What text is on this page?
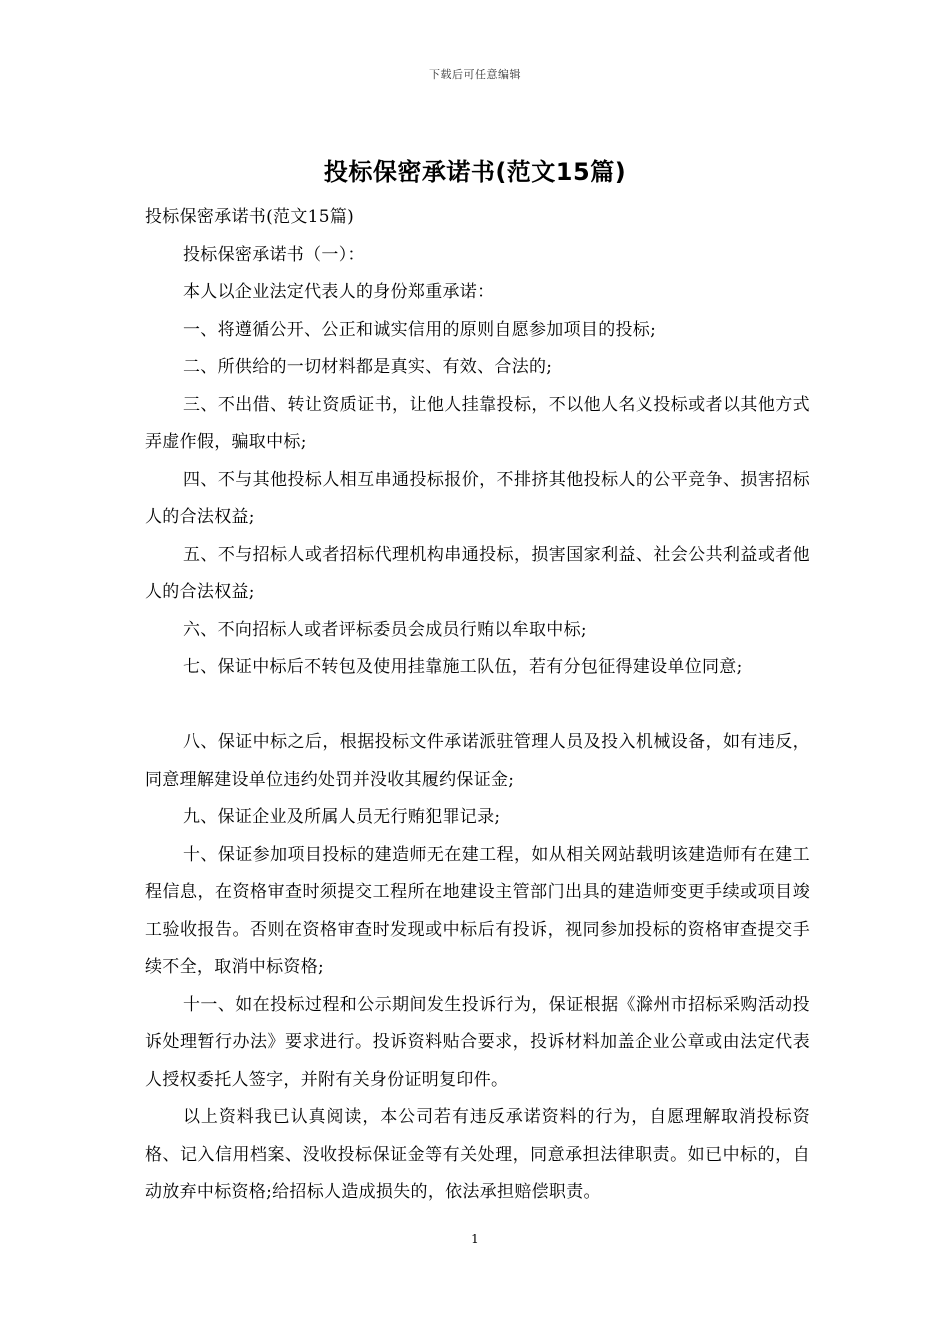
下载后可任意编辑
投标保密承诺书(范文15篇)

投标保密承诺书(范文15篇)

投标保密承诺书（一）：

本人以企业法定代表人的身份郑重承诺：

一、将遵循公开、公正和诚实信用的原则自愿参加项目的投标;

二、所供给的一切材料都是真实、有效、合法的;

三、不出借、转让资质证书，让他人挂靠投标，不以他人名义投标或者以其他方式弄虚作假，骗取中标;

四、不与其他投标人相互串通投标报价，不排挤其他投标人的公平竞争、损害招标人的合法权益;

五、不与招标人或者招标代理机构串通投标，损害国家利益、社会公共利益或者他人的合法权益;

六、不向招标人或者评标委员会成员行贿以牟取中标;

七、保证中标后不转包及使用挂靠施工队伍，若有分包征得建设单位同意;

八、保证中标之后，根据投标文件承诺派驻管理人员及投入机械设备，如有违反，同意理解建设单位违约处罚并没收其履约保证金;

九、保证企业及所属人员无行贿犯罪记录;

十、保证参加项目投标的建造师无在建工程，如从相关网站载明该建造师有在建工程信息，在资格审查时须提交工程所在地建设主管部门出具的建造师变更手续或项目竣工验收报告。否则在资格审查时发现或中标后有投诉，视同参加投标的资格审查提交手续不全，取消中标资格;

十一、如在投标过程和公示期间发生投诉行为，保证根据《滁州市招标采购活动投诉处理暂行办法》要求进行。投诉资料贴合要求，投诉材料加盖企业公章或由法定代表人授权委托人签字，并附有关身份证明复印件。

以上资料我已认真阅读，本公司若有违反承诺资料的行为，自愿理解取消投标资格、记入信用档案、没收投标保证金等有关处理，同意承担法律职责。如已中标的，自动放弃中标资格;给招标人造成损失的，依法承担赔偿职责。

1
